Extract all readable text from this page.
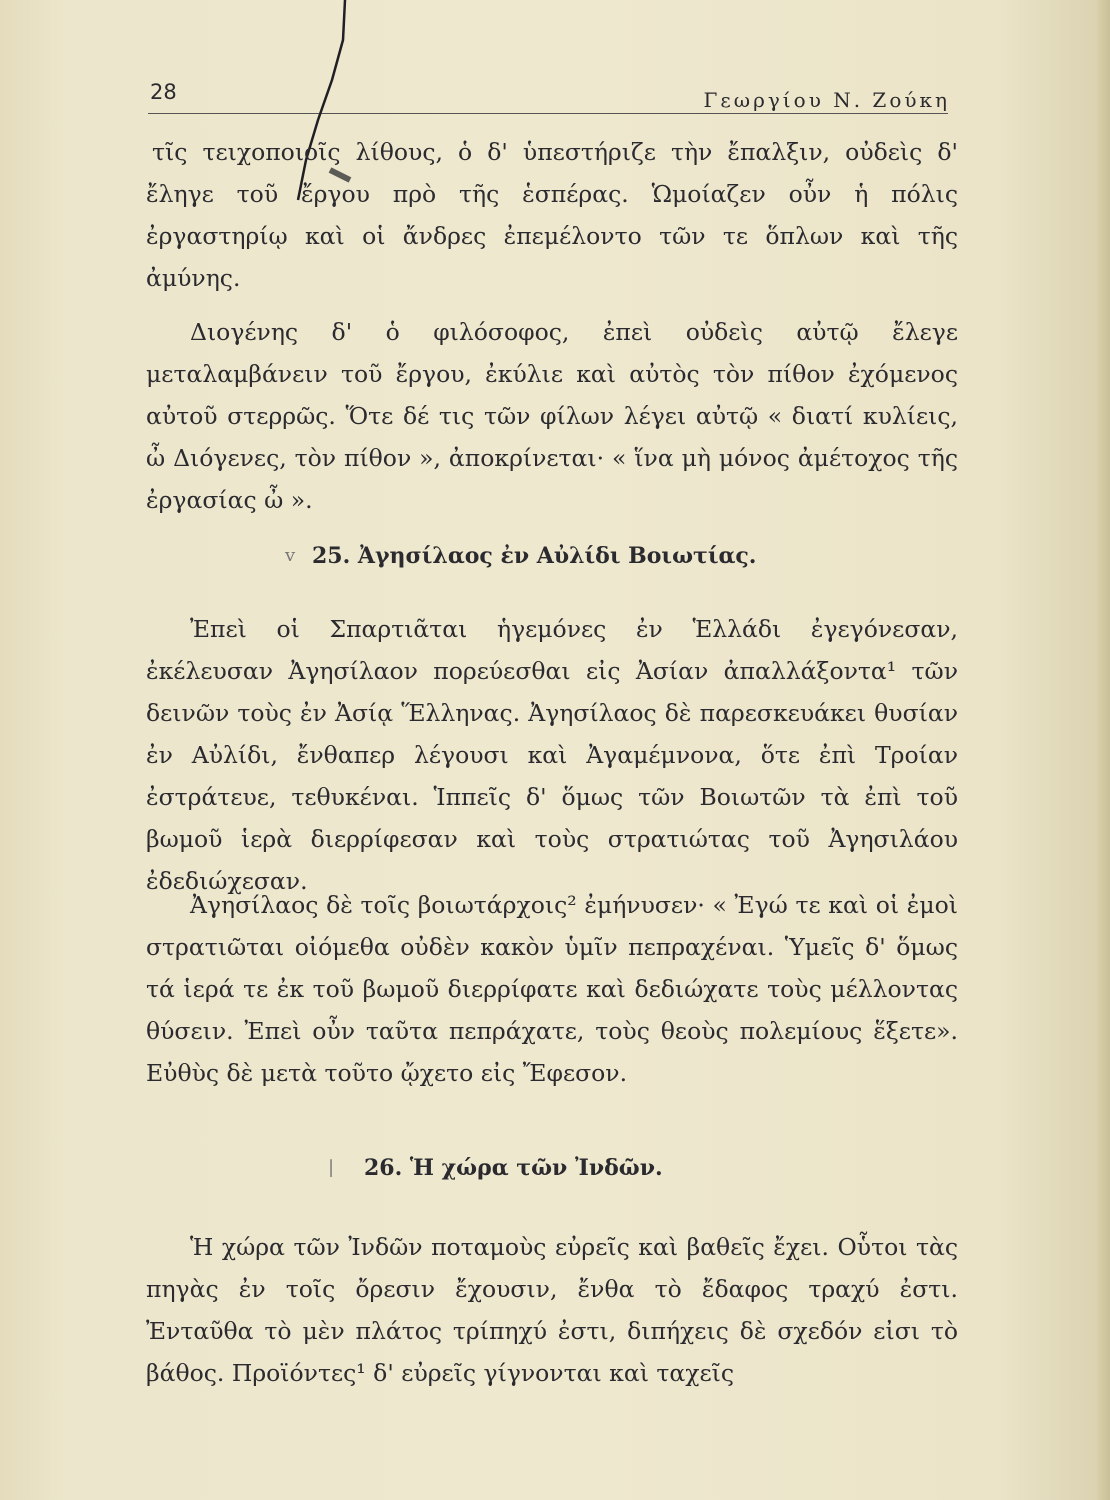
28	Γεωργίου Ν. Ζούκη
τῖς τειχοποιοῖς λίθους, ὁ δ' ὑπεστήριζε τὴν ἔπαλξιν, οὐδεὶς δ' ἔληγε τοῦ ἔργου πρὸ τῆς ἑσπέρας. Ὡμοίαζεν οὖν ἡ πόλις ἐργαστηρίῳ καὶ οἱ ἄνδρες ἐπεμέλοντο τῶν τε ὅπλων καὶ τῆς ἀμύνης.
Διογένης δ' ὁ φιλόσοφος, ἐπεὶ οὐδεὶς αὐτῷ ἔλεγε μεταλαμβάνειν τοῦ ἔργου, ἐκύλιε καὶ αὐτὸς τὸν πίθον ἐχόμενος αὐτοῦ στερρῶς. Ὅτε δέ τις τῶν φίλων λέγει αὐτῷ « διατί κυλίεις, ὦ Διόγενες, τὸν πίθον », ἀποκρίνεται· « ἵνα μὴ μόνος ἀμέτοχος τῆς ἐργασίας ὦ ».
v 25. Ἀγησίλαος ἐν Αὐλίδι Βοιωτίας.
Ἐπεὶ οἱ Σπαρτιᾶται ἡγεμόνες ἐν Ἑλλάδι ἐγεγόνεσαν, ἐκέλευσαν Ἀγησίλαον πορεύεσθαι εἰς Ἀσίαν ἀπαλλάξοντα¹ τῶν δεινῶν τοὺς ἐν Ἀσίᾳ Ἕλληνας. Ἀγησίλαος δὲ παρεσκευάκει θυσίαν ἐν Αὐλίδι, ἔνθαπερ λέγουσι καὶ Ἀγαμέμνονα, ὅτε ἐπὶ Τροίαν ἐστράτευε, τεθυκέναι. Ἱππεῖς δ' ὅμως τῶν Βοιωτῶν τὰ ἐπὶ τοῦ βωμοῦ ἱερὰ διερρίφεσαν καὶ τοὺς στρατιώτας τοῦ Ἀγησιλάου ἐδεδιώχεσαν.
Ἀγησίλαος δὲ τοῖς βοιωτάρχοις² ἐμήνυσεν· « Ἐγώ τε καὶ οἱ ἐμοὶ στρατιῶται οἰόμεθα οὐδὲν κακὸν ὑμῖν πεπραχέναι. Ὑμεῖς δ' ὅμως τά ἱερά τε ἐκ τοῦ βωμοῦ διερρίφατε καὶ δεδιώχατε τοὺς μέλλοντας θύσειν. Ἐπεὶ οὖν ταῦτα πεπράχατε, τοὺς θεοὺς πολεμίους ἕξετε». Εὐθὺς δὲ μετὰ τοῦτο ᾤχετο εἰς Ἔφεσον.
| 26. Ἡ χώρα τῶν Ἰνδῶν.
Ἡ χώρα τῶν Ἰνδῶν ποταμοὺς εὐρεῖς καὶ βαθεῖς ἔχει. Οὗτοι τὰς πηγὰς ἐν τοῖς ὄρεσιν ἔχουσιν, ἔνθα τὸ ἔδαφος τραχύ ἐστι. Ἐνταῦθα τὸ μὲν πλάτος τρίπηχύ ἐστι, διπήχεις δὲ σχεδόν εἰσι τὸ βάθος. Προϊόντες¹ δ' εὐρεῖς γίγνονται καὶ ταχεῖς
